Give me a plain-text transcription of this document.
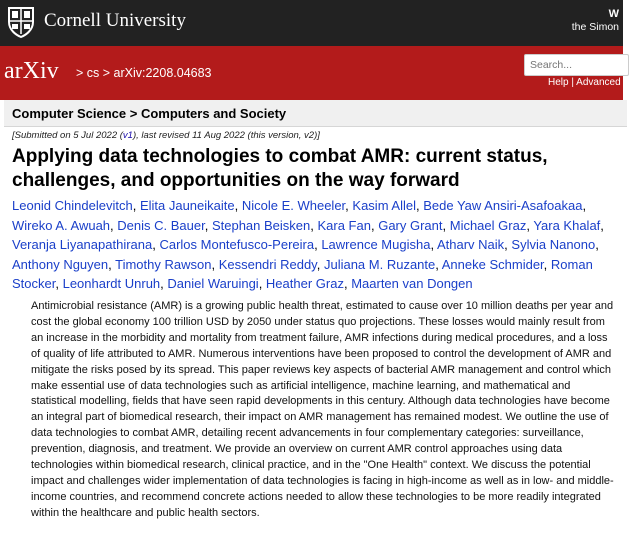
Cornell University	W
the Simon
arXiv > cs > arXiv:2208.04683
Search...
Help | Advanced Se
Computer Science > Computers and Society
[Submitted on 5 Jul 2022 (v1), last revised 11 Aug 2022 (this version, v2)]
Applying data technologies to combat AMR: current status, challenges, and opportunities on the way forward
Leonid Chindelevitch, Elita Jauneikaite, Nicole E. Wheeler, Kasim Allel, Bede Yaw Ansiri-Asafoakaa, Wireko A. Awuah, Denis C. Bauer, Stephan Beisken, Kara Fan, Gary Grant, Michael Graz, Yara Khalaf, Veranja Liyanapathirana, Carlos Montefusco-Pereira, Lawrence Mugisha, Atharv Naik, Sylvia Nanono, Anthony Nguyen, Timothy Rawson, Kessendri Reddy, Juliana M. Ruzante, Anneke Schmider, Roman Stocker, Leonhardt Unruh, Daniel Waruingi, Heather Graz, Maarten van Dongen
Antimicrobial resistance (AMR) is a growing public health threat, estimated to cause over 10 million deaths per year and cost the global economy 100 trillion USD by 2050 under status quo projections. These losses would mainly result from an increase in the morbidity and mortality from treatment failure, AMR infections during medical procedures, and a loss of quality of life attributed to AMR. Numerous interventions have been proposed to control the development of AMR and mitigate the risks posed by its spread. This paper reviews key aspects of bacterial AMR management and control which make essential use of data technologies such as artificial intelligence, machine learning, and mathematical and statistical modelling, fields that have seen rapid developments in this century. Although data technologies have become an integral part of biomedical research, their impact on AMR management has remained modest. We outline the use of data technologies to combat AMR, detailing recent advancements in four complementary categories: surveillance, prevention, diagnosis, and treatment. We provide an overview on current AMR control approaches using data technologies within biomedical research, clinical practice, and in the "One Health" context. We discuss the potential impact and challenges wider implementation of data technologies is facing in high-income as well as in low- and middle-income countries, and recommend concrete actions needed to allow these technologies to be more readily integrated within the healthcare and public health sectors.
